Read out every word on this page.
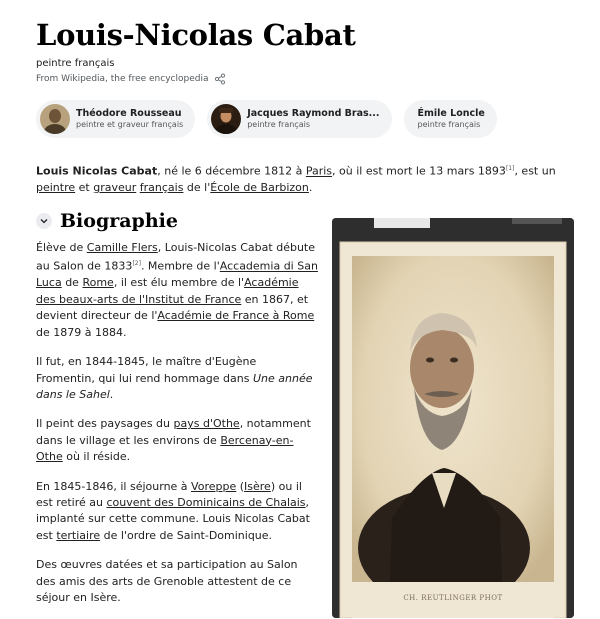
Louis-Nicolas Cabat
peintre français
From Wikipedia, the free encyclopedia
Théodore Rousseau
peintre et graveur français
Jacques Raymond Bras...
peintre français
Émile Loncle
peintre français
Louis Nicolas Cabat, né le 6 décembre 1812 à Paris, où il est mort le 13 mars 1893[1], est un peintre et graveur français de l'École de Barbizon.
Biographie

Élève de Camille Flers, Louis-Nicolas Cabat débute au Salon de 1833[2]. Membre de l'Accademia di San Luca de Rome, il est élu membre de l'Académie des beaux-arts de l'Institut de France en 1867, et devient directeur de l'Académie de France à Rome de 1879 à 1884.

Il fut, en 1844-1845, le maître d'Eugène Fromentin, qui lui rend hommage dans Une année dans le Sahel.

Il peint des paysages du pays d'Othe, notamment dans le village et les environs de Bercenay-en-Othe où il réside.

En 1845-1846, il séjourne à Voreppe (Isère) ou il est retiré au couvent des Dominicains de Chalais, implanté sur cette commune. Louis Nicolas Cabat est tertiaire de l'ordre de Saint-Dominique.

Des œuvres datées et sa participation au Salon des amis des arts de Grenoble attestent de ce séjour en Isère.	CH. REUTLINGER PHOT
